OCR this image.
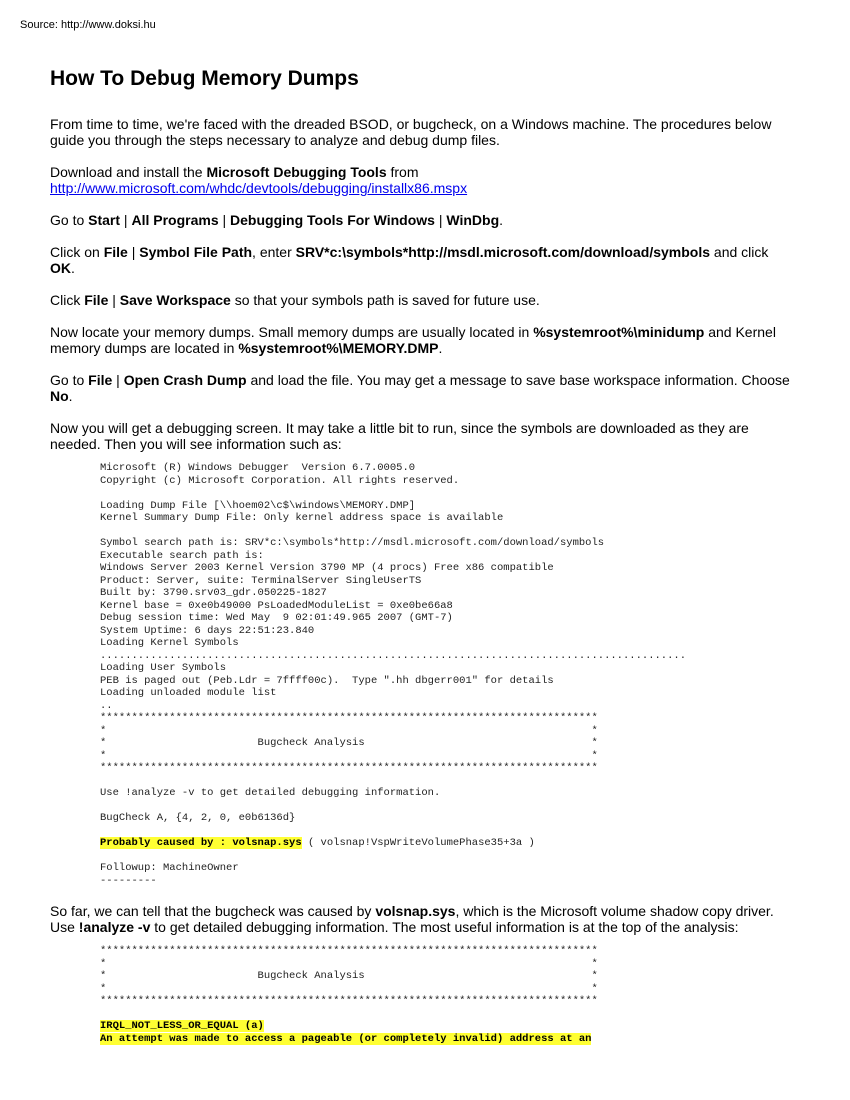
Source: http://www.doksi.hu
How To Debug Memory Dumps

From time to time, we're faced with the dreaded BSOD, or bugcheck, on a Windows machine. The procedures below guide you through the steps necessary to analyze and debug dump files.

Download and install the Microsoft Debugging Tools from
http://www.microsoft.com/whdc/devtools/debugging/installx86.mspx

Go to Start | All Programs | Debugging Tools For Windows | WinDbg.

Click on File | Symbol File Path, enter SRV*c:\symbols*http://msdl.microsoft.com/download/symbols and click OK.

Click File | Save Workspace so that your symbols path is saved for future use.

Now locate your memory dumps. Small memory dumps are usually located in %systemroot%\minidump and Kernel memory dumps are located in %systemroot%\MEMORY.DMP.

Go to File | Open Crash Dump and load the file. You may get a message to save base workspace information. Choose No.

Now you will get a debugging screen. It may take a little bit to run, since the symbols are downloaded as they are needed. Then you will see information such as:

Microsoft (R) Windows Debugger  Version 6.7.0005.0
Copyright (c) Microsoft Corporation. All rights reserved.

Loading Dump File [\\hoem02\c$\windows\MEMORY.DMP]
Kernel Summary Dump File: Only kernel address space is available

Symbol search path is: SRV*c:\symbols*http://msdl.microsoft.com/download/symbols
Executable search path is:
Windows Server 2003 Kernel Version 3790 MP (4 procs) Free x86 compatible
Product: Server, suite: TerminalServer SingleUserTS
Built by: 3790.srv03_gdr.050225-1827
Kernel base = 0xe0b49000 PsLoadedModuleList = 0xe0be66a8
Debug session time: Wed May  9 02:01:49.965 2007 (GMT-7)
System Uptime: 6 days 22:51:23.840
Loading Kernel Symbols
.............................................................................................
Loading User Symbols
PEB is paged out (Peb.Ldr = 7ffff00c).  Type ".hh dbgerr001" for details
Loading unloaded module list
..
*******************************************************************************
*                                                                             *
*                        Bugcheck Analysis                                    *
*                                                                             *
*******************************************************************************

Use !analyze -v to get detailed debugging information.

BugCheck A, {4, 2, 0, e0b6136d}

Probably caused by : volsnap.sys ( volsnap!VspWriteVolumePhase35+3a )

Followup: MachineOwner
---------

So far, we can tell that the bugcheck was caused by volsnap.sys, which is the Microsoft volume shadow copy driver. Use !analyze -v to get detailed debugging information. The most useful information is at the top of the analysis:

*******************************************************************************
*                                                                             *
*                        Bugcheck Analysis                                    *
*                                                                             *
*******************************************************************************

IRQL_NOT_LESS_OR_EQUAL (a)
An attempt was made to access a pageable (or completely invalid) address at an
